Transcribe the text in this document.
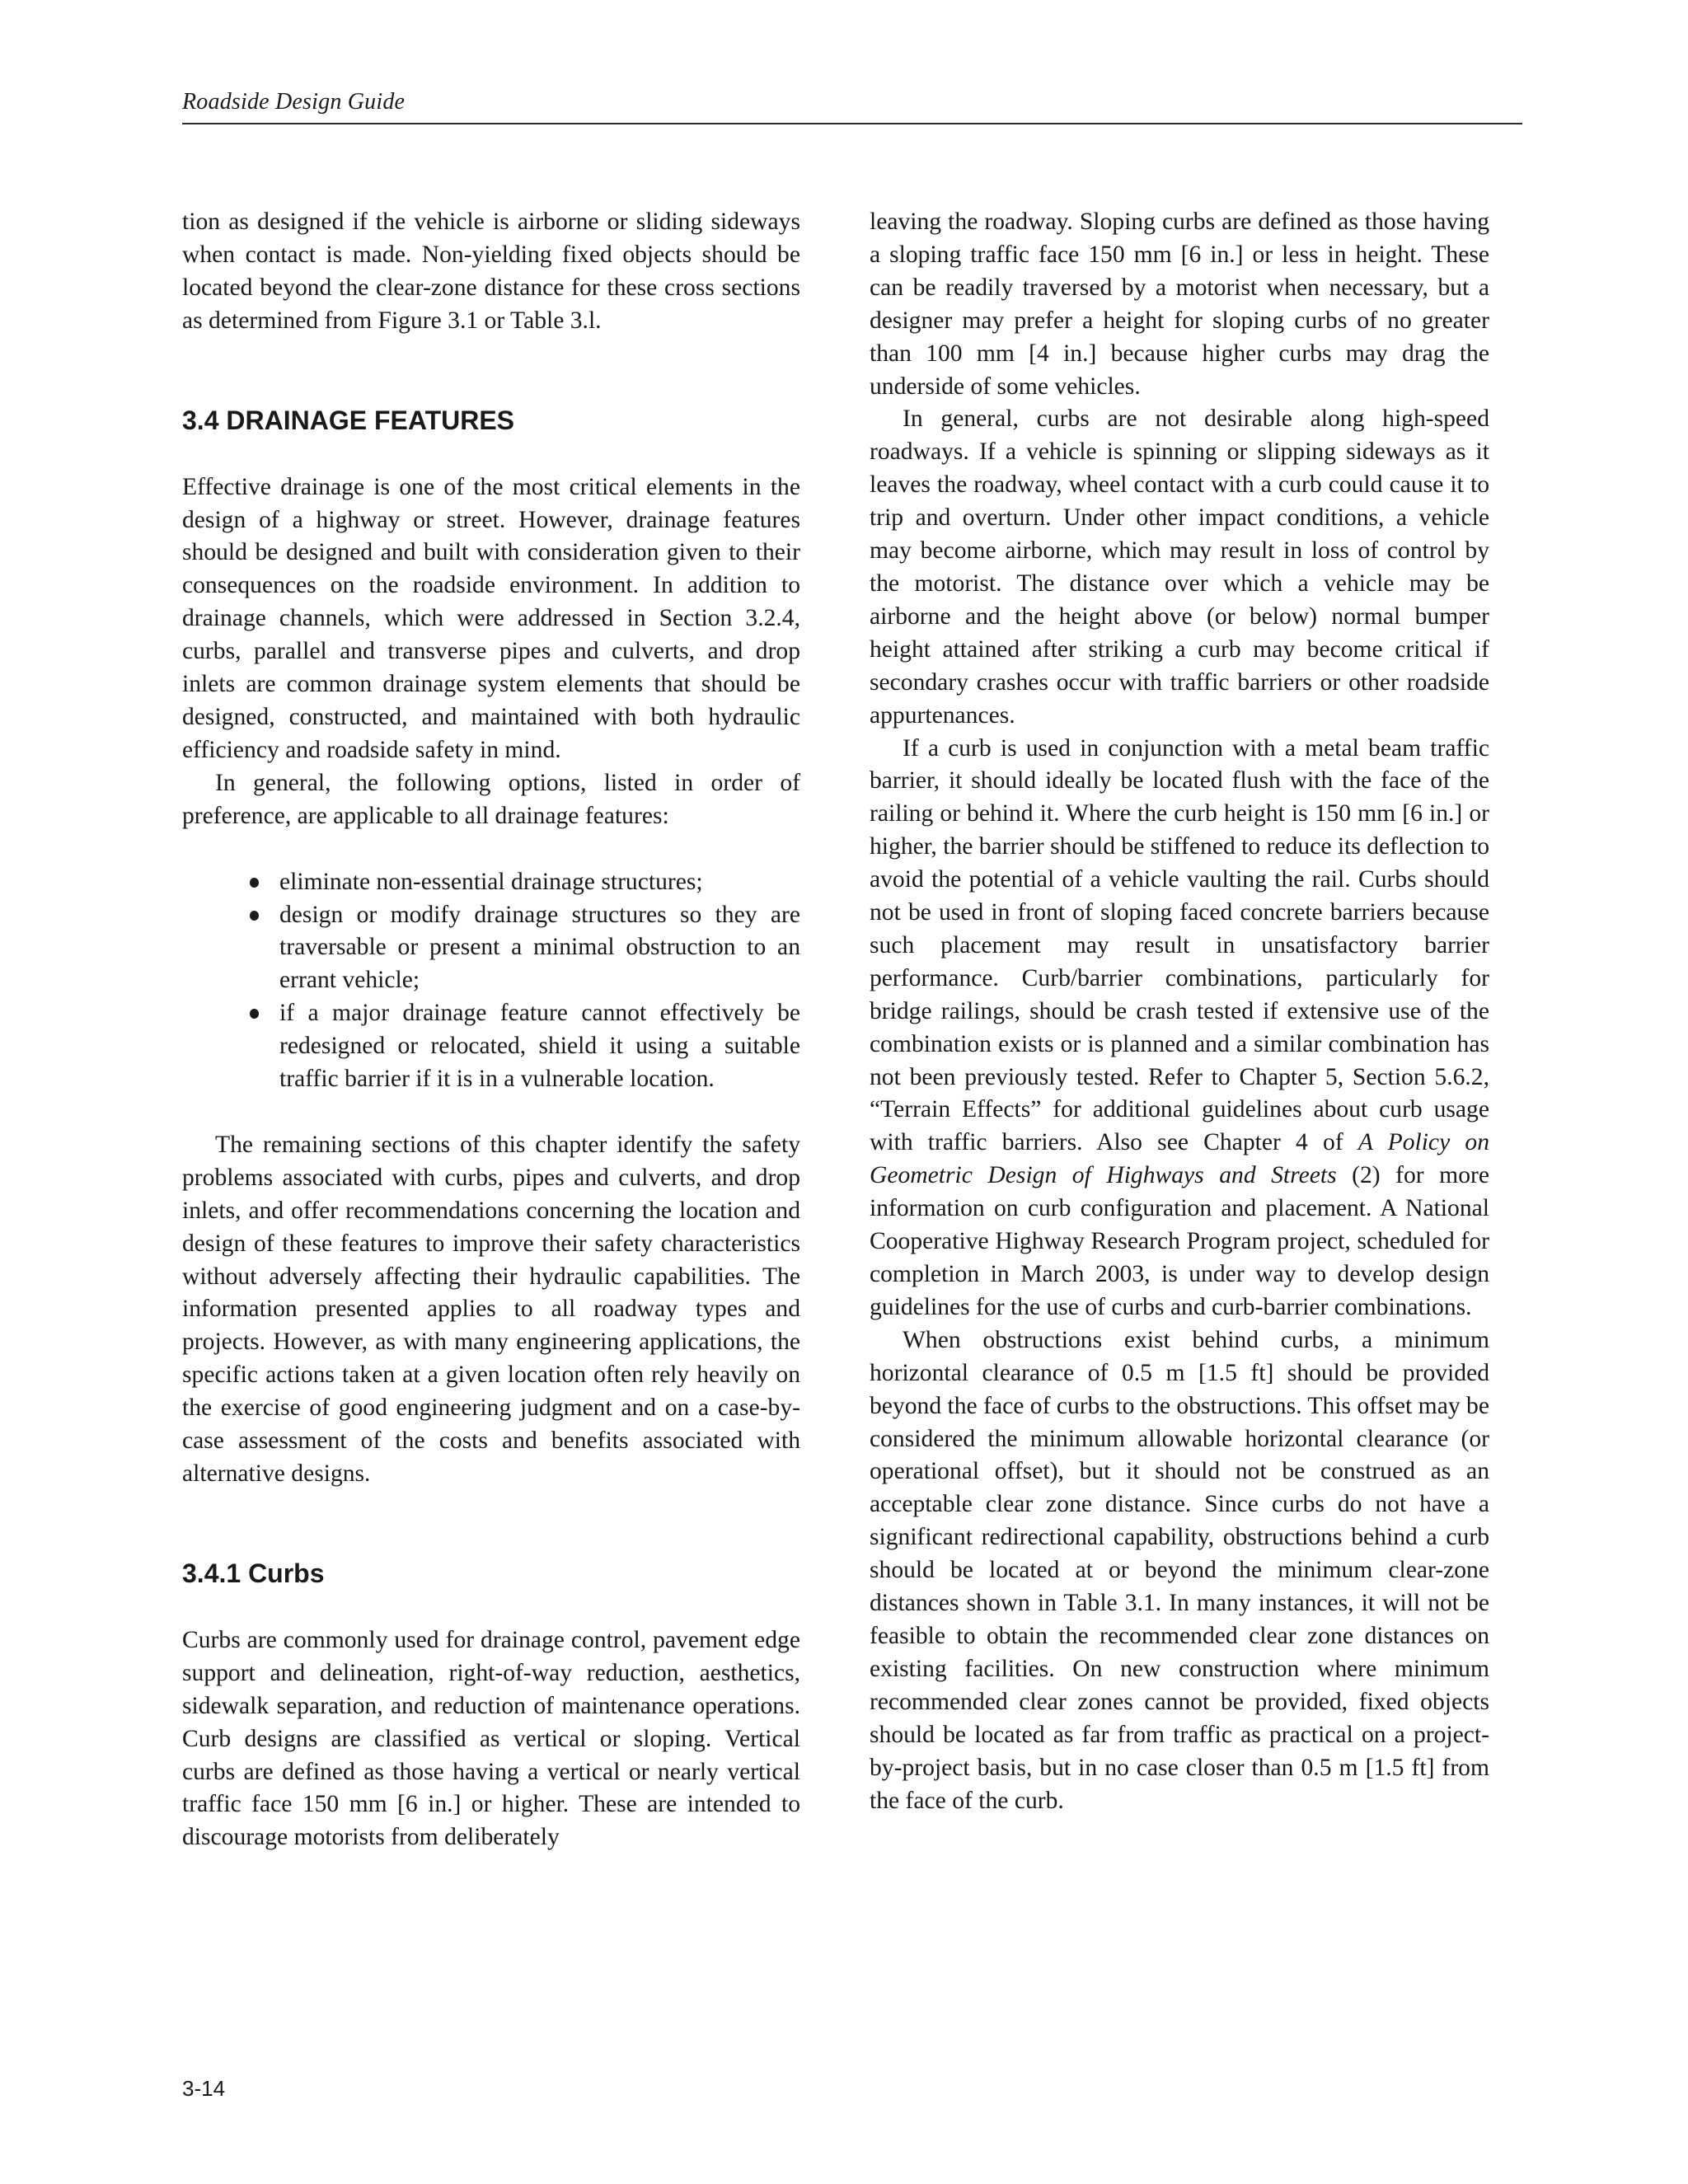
Roadside Design Guide

tion as designed if the vehicle is airborne or sliding sideways when contact is made. Non-yielding fixed objects should be located beyond the clear-zone distance for these cross sections as determined from Figure 3.1 or Table 3.l.

3.4 DRAINAGE FEATURES

Effective drainage is one of the most critical elements in the design of a highway or street. However, drainage features should be designed and built with consideration given to their consequences on the roadside environment. In addition to drainage channels, which were addressed in Section 3.2.4, curbs, parallel and transverse pipes and culverts, and drop inlets are common drainage system elements that should be designed, constructed, and maintained with both hydraulic efficiency and roadside safety in mind.

In general, the following options, listed in order of preference, are applicable to all drainage features:

eliminate non-essential drainage structures;
design or modify drainage structures so they are traversable or present a minimal obstruction to an errant vehicle;
if a major drainage feature cannot effectively be redesigned or relocated, shield it using a suitable traffic barrier if it is in a vulnerable location.

The remaining sections of this chapter identify the safety problems associated with curbs, pipes and culverts, and drop inlets, and offer recommendations concerning the location and design of these features to improve their safety characteristics without adversely affecting their hydraulic capabilities. The information presented applies to all roadway types and projects. However, as with many engineering applications, the specific actions taken at a given location often rely heavily on the exercise of good engineering judgment and on a case-by-case assessment of the costs and benefits associated with alternative designs.

3.4.1 Curbs

Curbs are commonly used for drainage control, pavement edge support and delineation, right-of-way reduction, aesthetics, sidewalk separation, and reduction of maintenance operations. Curb designs are classified as vertical or sloping. Vertical curbs are defined as those having a vertical or nearly vertical traffic face 150 mm [6 in.] or higher. These are intended to discourage motorists from deliberately

leaving the roadway. Sloping curbs are defined as those having a sloping traffic face 150 mm [6 in.] or less in height. These can be readily traversed by a motorist when necessary, but a designer may prefer a height for sloping curbs of no greater than 100 mm [4 in.] because higher curbs may drag the underside of some vehicles.

In general, curbs are not desirable along high-speed roadways. If a vehicle is spinning or slipping sideways as it leaves the roadway, wheel contact with a curb could cause it to trip and overturn. Under other impact conditions, a vehicle may become airborne, which may result in loss of control by the motorist. The distance over which a vehicle may be airborne and the height above (or below) normal bumper height attained after striking a curb may become critical if secondary crashes occur with traffic barriers or other roadside appurtenances.

If a curb is used in conjunction with a metal beam traffic barrier, it should ideally be located flush with the face of the railing or behind it. Where the curb height is 150 mm [6 in.] or higher, the barrier should be stiffened to reduce its deflection to avoid the potential of a vehicle vaulting the rail. Curbs should not be used in front of sloping faced concrete barriers because such placement may result in unsatisfactory barrier performance. Curb/barrier combinations, particularly for bridge railings, should be crash tested if extensive use of the combination exists or is planned and a similar combination has not been previously tested. Refer to Chapter 5, Section 5.6.2, “Terrain Effects” for additional guidelines about curb usage with traffic barriers. Also see Chapter 4 of A Policy on Geometric Design of Highways and Streets (2) for more information on curb configuration and placement. A National Cooperative Highway Research Program project, scheduled for completion in March 2003, is under way to develop design guidelines for the use of curbs and curb-barrier combinations.

When obstructions exist behind curbs, a minimum horizontal clearance of 0.5 m [1.5 ft] should be provided beyond the face of curbs to the obstructions. This offset may be considered the minimum allowable horizontal clearance (or operational offset), but it should not be construed as an acceptable clear zone distance. Since curbs do not have a significant redirectional capability, obstructions behind a curb should be located at or beyond the minimum clear-zone distances shown in Table 3.1. In many instances, it will not be feasible to obtain the recommended clear zone distances on existing facilities. On new construction where minimum recommended clear zones cannot be provided, fixed objects should be located as far from traffic as practical on a project-by-project basis, but in no case closer than 0.5 m [1.5 ft] from the face of the curb.

3-14
